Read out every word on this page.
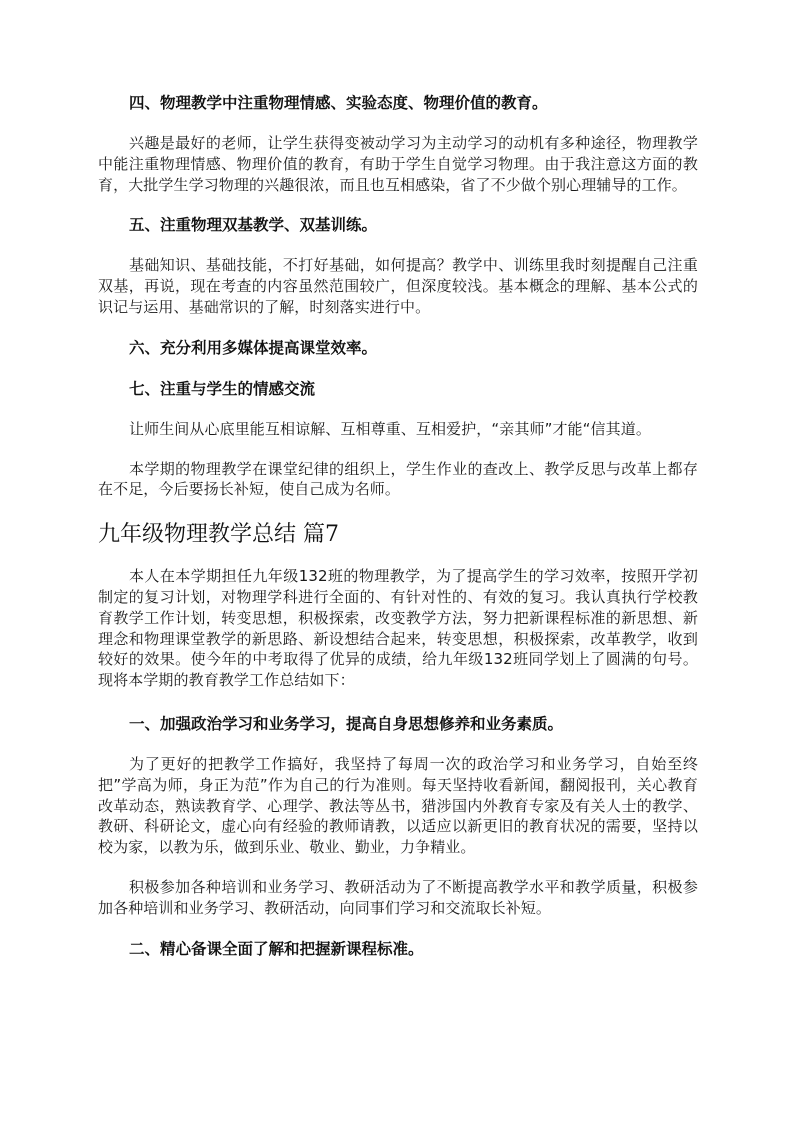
四、物理教学中注重物理情感、实验态度、物理价值的教育。

兴趣是最好的老师，让学生获得变被动学习为主动学习的动机有多种途径，物理教学 中能注重物理情感、物理价值的教育，有助于学生自觉学习物理。由于我注意这方面的教育，大批学生学习物理的兴趣很浓，而且也互相感染，省了不少做个别心理辅导的工作。

五、注重物理双基教学、双基训练。

基础知识、基础技能，不打好基础，如何提高？教学中、训练里我时刻提醒自己注重双基，再说，现在考查的内容虽然范围较广，但深度较浅。基本概念的理解、基本公式的识记与运用、基础常识的了解，时刻落实进行中。

六、充分利用多媒体提高课堂效率。
七、注重与学生的情感交流

让师生间从心底里能互相谅解、互相尊重、互相爱护，“亲其师”才能“信其道。

本学期的物理教学在课堂纪律的组织上，学生作业的查改上、教学反思与改革上都存在不足，今后要扬长补短，使自己成为名师。

九年级物理教学总结 篇7

本人在本学期担任九年级132班的物理教学，为了提高学生的学习效率，按照开学初制定的复习计划，对物理学科进行全面的、有针对性的、有效的复习。我认真执行学校教育教学工作计划，转变思想，积极探索，改变教学方法，努力把新课程标准的新思想、新理念和物理课堂教学的新思路、新设想结合起来，转变思想，积极探索，改革教学，收到较好的效果。使今年的中考取得了优异的成绩，给九年级132班同学划上了圆满的句号。现将本学期的教育教学工作总结如下：

一、加强政治学习和业务学习，提高自身思想修养和业务素质。

为了更好的把教学工作搞好，我坚持了每周一次的政治学习和业务学习，自始至终把”学高为师，身正为范”作为自己的行为准则。每天坚持收看新闻，翻阅报刊，关心教育改革动态，熟读教育学、心理学、教法等丛书，猎涉国内外教育专家及有关人士的教学、教研、科研论文，虚心向有经验的教师请教，以适应以新更旧的教育状况的需要，坚持以校为家，以教为乐，做到乐业、敬业、勤业，力争精业。

积极参加各种培训和业务学习、教研活动为了不断提高教学水平和教学质量，积极参加各种培训和业务学习、教研活动，向同事们学习和交流取长补短。

二、精心备课全面了解和把握新课程标准。
